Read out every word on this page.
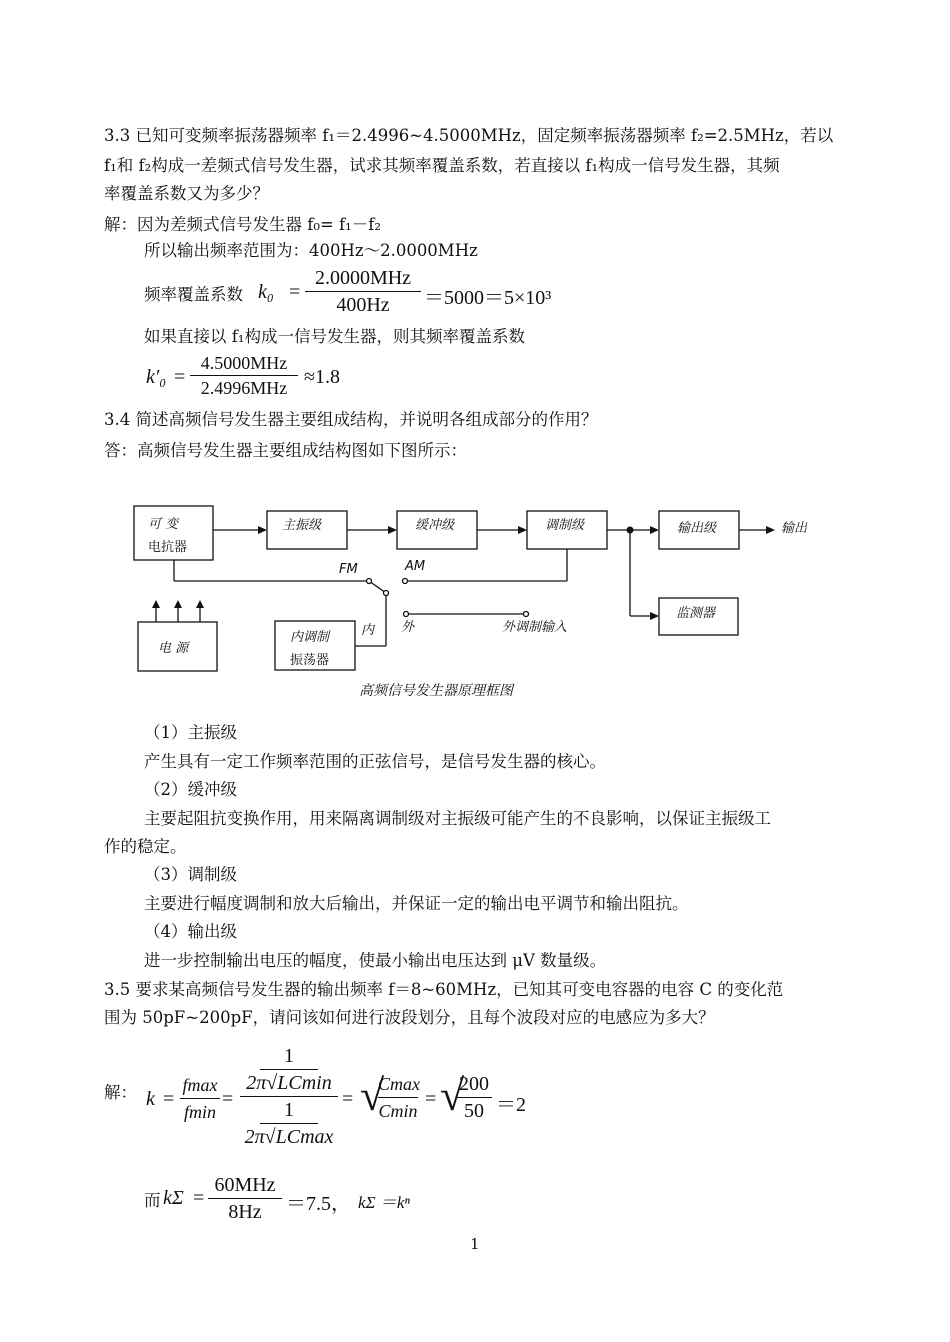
3.3 已知可变频率振荡器频率 f₁＝2.4996~4.5000MHz，固定频率振荡器频率 f₂=2.5MHz，若以
f₁和 f₂构成一差频式信号发生器，试求其频率覆盖系数，若直接以 f₁构成一信号发生器，其频
率覆盖系数又为多少？
解：因为差频式信号发生器 f₀= f₁－f₂
所以输出频率范围为：400Hz～2.0000MHz
频率覆盖系数 k₀ =
2.0000MHz
400Hz	＝5000＝5×10³
如果直接以 f₁构成一信号发生器，则其频率覆盖系数
k′₀ =
4.5000MHz
2.4996MHz ≈1.8
3.4 简述高频信号发生器主要组成结构，并说明各组成部分的作用？
答：高频信号发生器主要组成结构图如下图所示：
可 变
电抗器
主振级	缓冲级	调制级	输出级	输出
监测器
电 源
内调制
振荡器
FM	AM
内 外	外调制输入
高频信号发生器原理框图
（1）主振级
产生具有一定工作频率范围的正弦信号，是信号发生器的核心。
（2）缓冲级
主要起阻抗变换作用，用来隔离调制级对主振级可能产生的不良影响，以保证主振级工
作的稳定。
（3）调制级
主要进行幅度调制和放大后输出，并保证一定的输出电平调节和输出阻抗。
（4）输出级
进一步控制输出电压的幅度，使最小输出电压达到 μV 数量级。
3.5 要求某高频信号发生器的输出频率 f＝8~60MHz，已知其可变电容器的电容 C 的变化范
围为 50pF~200pF，请问该如何进行波段划分，且每个波段对应的电感应为多大？
解： k =
fmax
fmin
=
1
2π√LCmin
1
2π√LCmax
= √
Cmax
Cmin
= √
200
50 ＝2
而 kΣ =
60MHz
8Hz	＝7.5， kΣ ＝kⁿ
1
